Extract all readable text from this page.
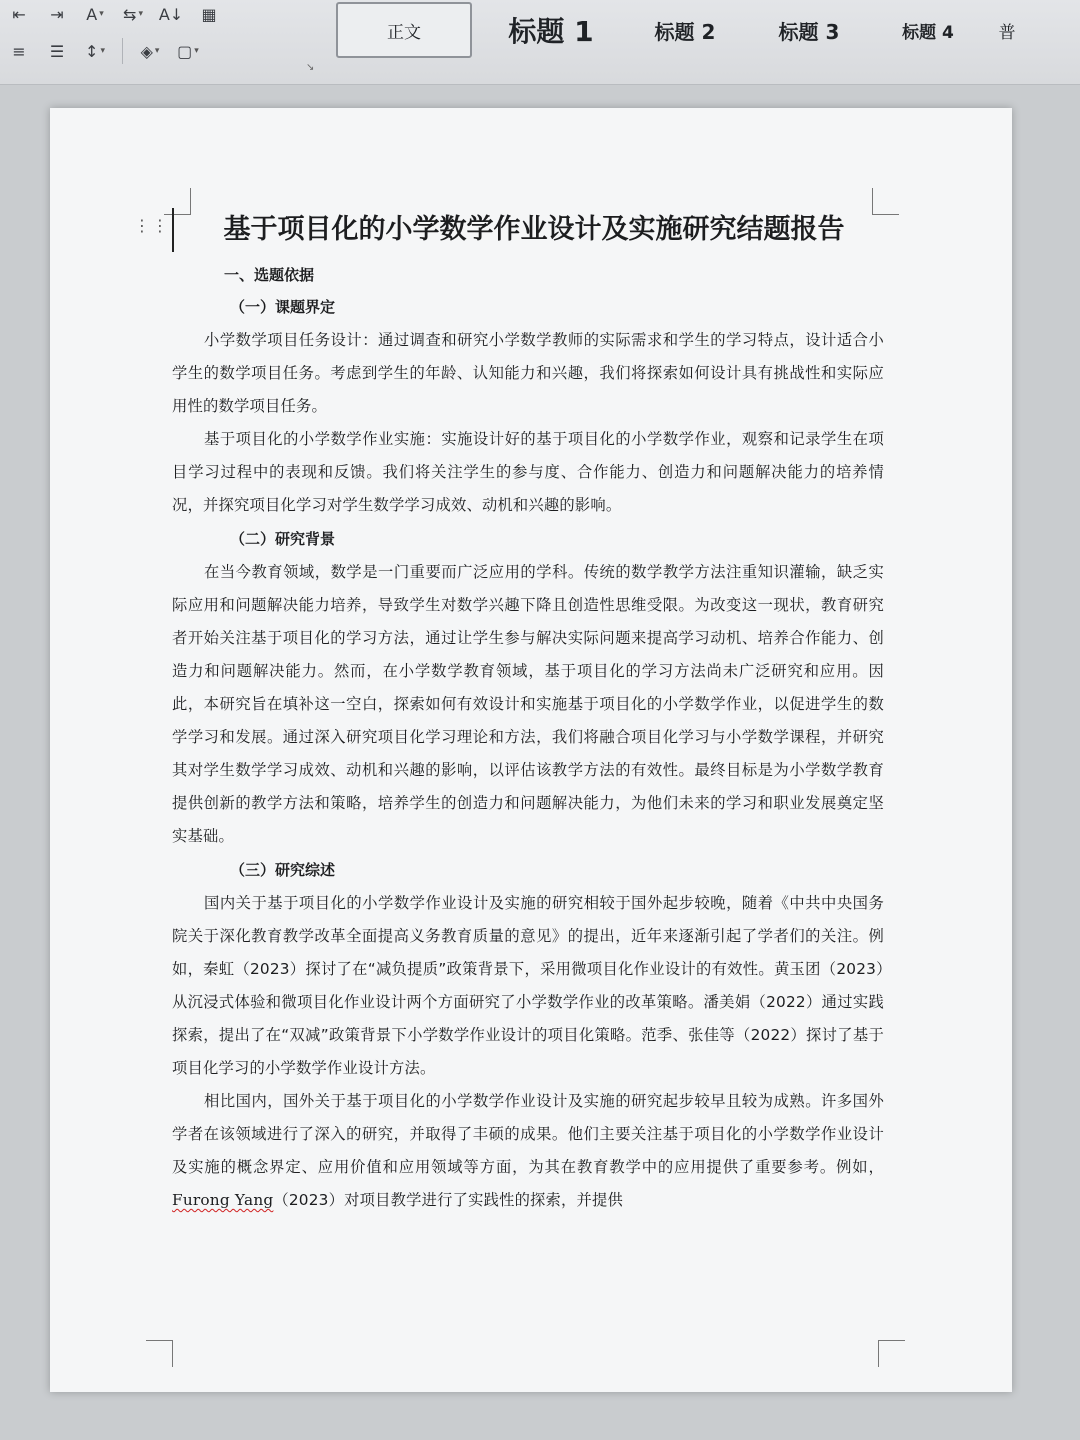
⇤	⇥	A ▾ ⇆ ▾ A↓	▦
≡	☰	↕ ▾ ◈ ▾ ▢ ▾
↘
正文	标题 1	标题 2	标题 3	标题 4	普
⋮⋮	基于项目化的小学数学作业设计及实施研究结题报告
一、选题依据
（一）课题界定

小学数学项目任务设计：通过调查和研究小学数学教师的实际需求和学生的学习特点，设计适合小学生的数学项目任务。考虑到学生的年龄、认知能力和兴趣，我们将探索如何设计具有挑战性和实际应用性的数学项目任务。

基于项目化的小学数学作业实施：实施设计好的基于项目化的小学数学作业，观察和记录学生在项目学习过程中的表现和反馈。我们将关注学生的参与度、合作能力、创造力和问题解决能力的培养情况，并探究项目化学习对学生数学学习成效、动机和兴趣的影响。

（二）研究背景

在当今教育领域，数学是一门重要而广泛应用的学科。传统的数学教学方法注重知识灌输，缺乏实际应用和问题解决能力培养，导致学生对数学兴趣下降且创造性思维受限。为改变这一现状，教育研究者开始关注基于项目化的学习方法，通过让学生参与解决实际问题来提高学习动机、培养合作能力、创造力和问题解决能力。然而，在小学数学教育领域，基于项目化的学习方法尚未广泛研究和应用。因此，本研究旨在填补这一空白，探索如何有效设计和实施基于项目化的小学数学作业，以促进学生的数学学习和发展。通过深入研究项目化学习理论和方法，我们将融合项目化学习与小学数学课程，并研究其对学生数学学习成效、动机和兴趣的影响，以评估该教学方法的有效性。最终目标是为小学数学教育提供创新的教学方法和策略，培养学生的创造力和问题解决能力，为他们未来的学习和职业发展奠定坚实基础。

（三）研究综述

国内关于基于项目化的小学数学作业设计及实施的研究相较于国外起步较晚，随着《中共中央国务院关于深化教育教学改革全面提高义务教育质量的意见》的提出，近年来逐渐引起了学者们的关注。例如，秦虹（2023）探讨了在“减负提质”政策背景下，采用微项目化作业设计的有效性。黄玉团（2023）从沉浸式体验和微项目化作业设计两个方面研究了小学数学作业的改革策略。潘美娟（2022）通过实践探索，提出了在“双减”政策背景下小学数学作业设计的项目化策略。范季、张佳等（2022）探讨了基于项目化学习的小学数学作业设计方法。

相比国内，国外关于基于项目化的小学数学作业设计及实施的研究起步较早且较为成熟。许多国外学者在该领域进行了深入的研究，并取得了丰硕的成果。他们主要关注基于项目化的小学数学作业设计及实施的概念界定、应用价值和应用领域等方面，为其在教育教学中的应用提供了重要参考。例如，Furong Yang（2023）对项目教学进行了实践性的探索，并提供
